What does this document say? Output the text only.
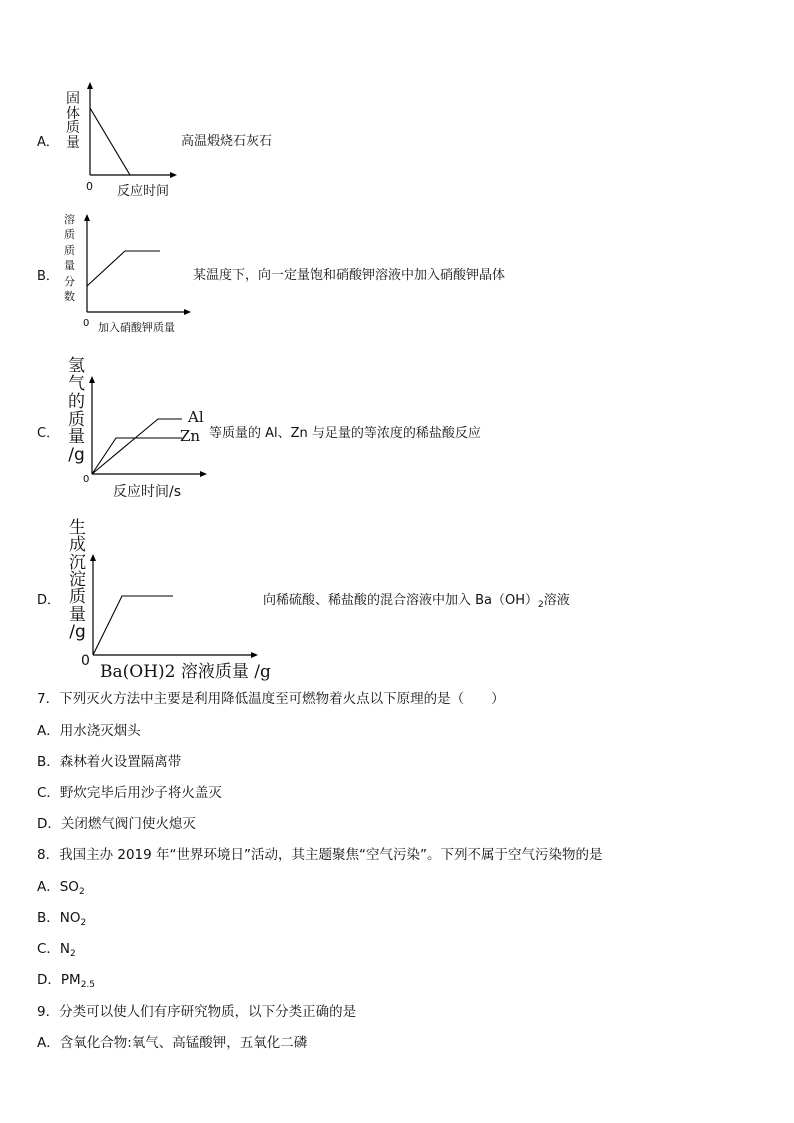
A．
固
体
质
量
0 反应时间
高温煅烧石灰石
B．
溶
质
质
量
分
数
0 加入硝酸钾质量
某温度下，向一定量饱和硝酸钾溶液中加入硝酸钾晶体
C．
氢
气
的
质
量
/g
Al
Zn
0
反应时间/s
等质量的 Al、Zn 与足量的等浓度的稀盐酸反应
D．
生
成
沉
淀
质
量
/g
0
Ba(OH)2 溶液质量 /g
向稀硫酸、稀盐酸的混合溶液中加入 $Ba(OH)_2$溶液
7．下列灭火方法中主要是利用降低温度至可燃物着火点以下原理的是（　　）
A．用水浇灭烟头
B．森林着火设置隔离带
C．野炊完毕后用沙子将火盖灭
D．关闭燃气阀门使火熄灭
8．我国主办 2019 年“世界环境日”活动，其主题聚焦“空气污染”。下列不属于空气污染物的是
A．$SO_2$
B．$NO_2$
C．$N_2$
D．$PM_{2.5}$
9．分类可以使人们有序研究物质，以下分类正确的是
A．含氧化合物:氧气、高锰酸钾，五氧化二磷
